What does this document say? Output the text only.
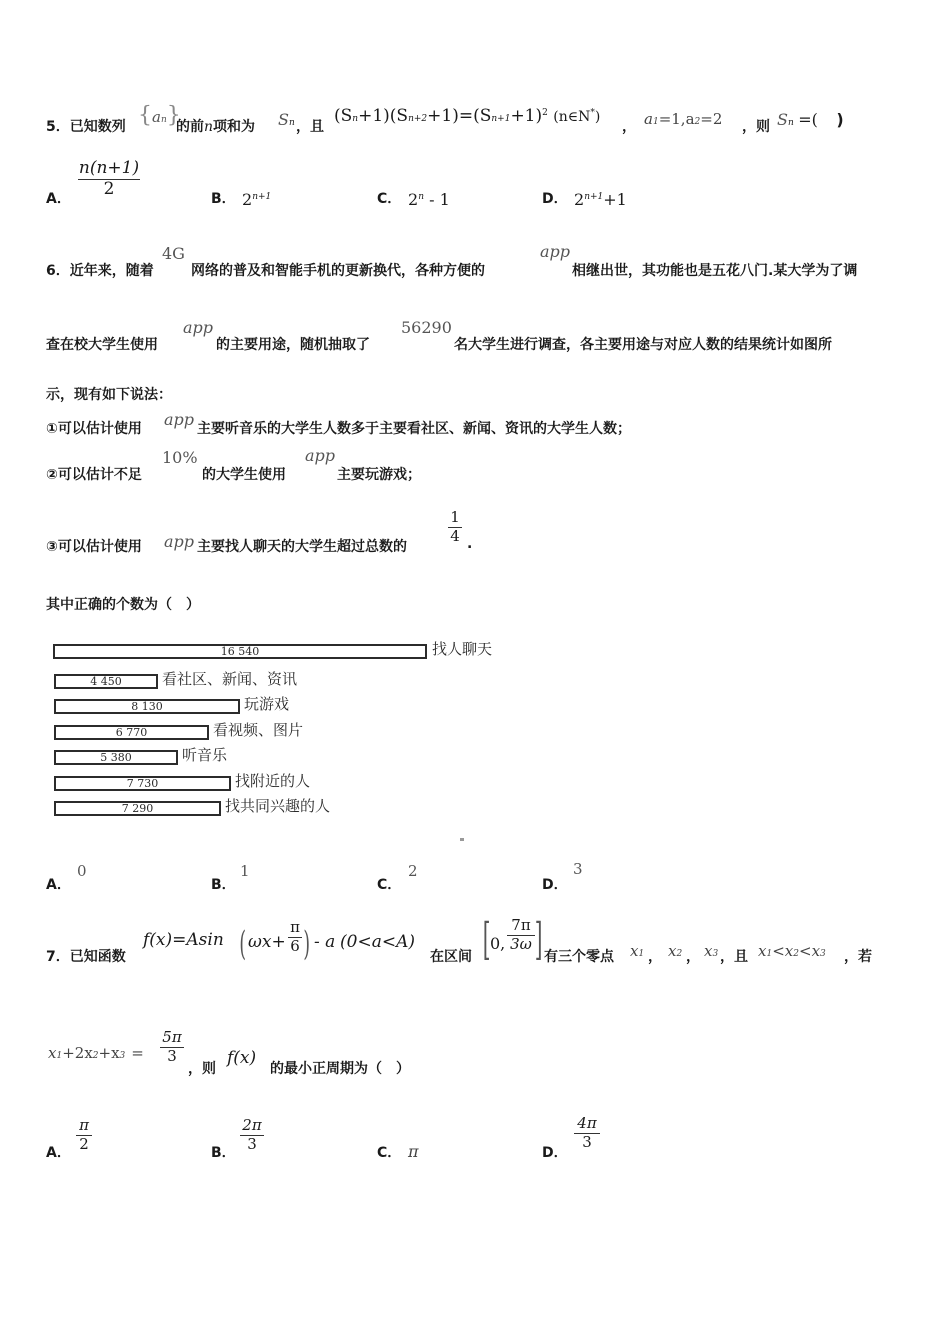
5．已知数列 {an}
的前n项和为 Sn ，且
$(Sn+1)(Sn+2+1)=(Sn+1+1)^2$ (n∈N*)
， a1=1,a2=2 ，则 Sn =( )
A．
n(n+1)
2
B． $2^{n+1}$	C． 2$^n$ - 1	D． $2^{n+1}+1$
6．近年来，随着
4G
网络的普及和智能手机的更新换代，各种方便的
app
相继出世，其功能也是五花八门.某大学为了调
查在校大学生使用
app
的主要用途，随机抽取了
56290
名大学生进行调查，各主要用途与对应人数的结果统计如图所
示，现有如下说法：
①可以估计使用 app 主要听音乐的大学生人数多于主要看社区、新闻、资讯的大学生人数；
②可以估计不足
10%
的大学生使用
app
主要玩游戏；
③可以估计使用 app 主要找人聊天的大学生超过总数的
1
4 .
其中正确的个数为（　）
16 540	找人聊天
4 450	看社区、新闻、资讯
8 130	玩游戏
6 770	看视频、图片
5 380	听音乐
7 730	找附近的人
7 290	找共同兴趣的人
A．
0
B．
1
C．
2
D．
3
7．已知函数
f(x)=Asin ( ωx+
π
6 ) - a (0<a<A)
在区间 [ 0,
7π
3ω ] 有三个零点 x1 ， x2 ， x3 ，且 x1<x2<x3 ，若
x1+2x2+x3 =
5π
3
，则
f(x)
的最小正周期为（　）
A．
π
2
B．
2π
3
C． π	D．
4π
3
